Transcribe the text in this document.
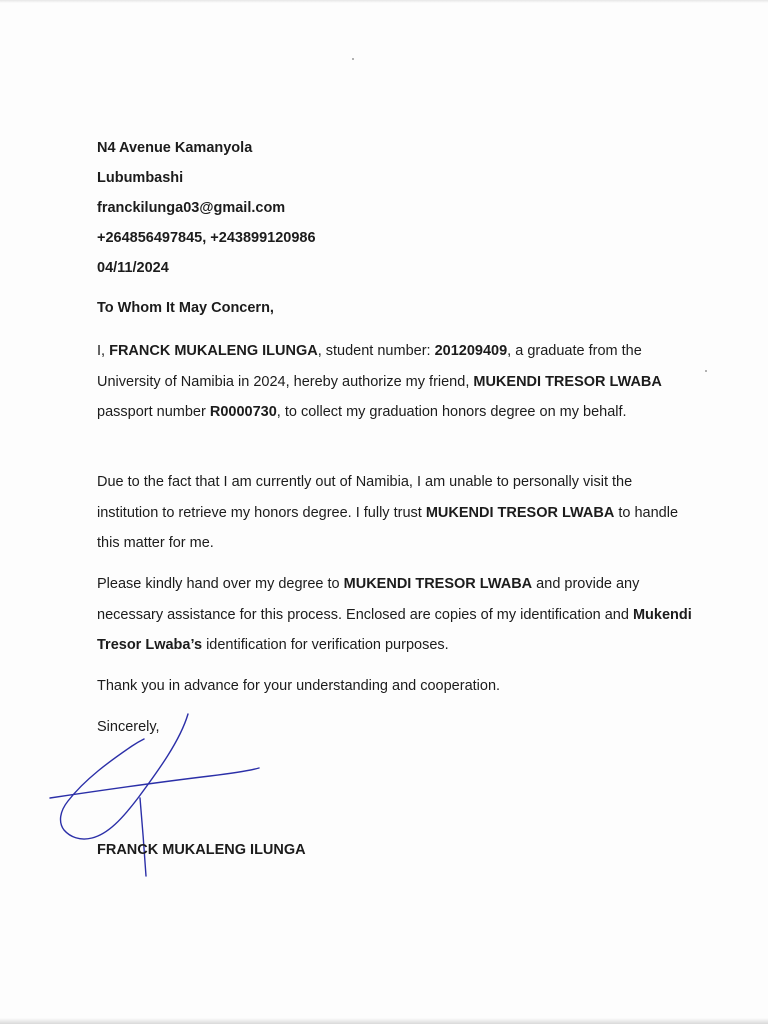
N4 Avenue Kamanyola

Lubumbashi

franckilunga03@gmail.com

+264856497845, +243899120986

04/11/2024

To Whom It May Concern,

I, FRANCK MUKALENG ILUNGA, student number: 201209409, a graduate from the University of Namibia in 2024, hereby authorize my friend, MUKENDI TRESOR LWABA passport number R0000730, to collect my graduation honors degree on my behalf.

Due to the fact that I am currently out of Namibia, I am unable to personally visit the institution to retrieve my honors degree. I fully trust MUKENDI TRESOR LWABA to handle this matter for me.

Please kindly hand over my degree to MUKENDI TRESOR LWABA and provide any necessary assistance for this process. Enclosed are copies of my identification and Mukendi Tresor Lwaba’s identification for verification purposes.

Thank you in advance for your understanding and cooperation.

Sincerely,

FRANCK MUKALENG ILUNGA
